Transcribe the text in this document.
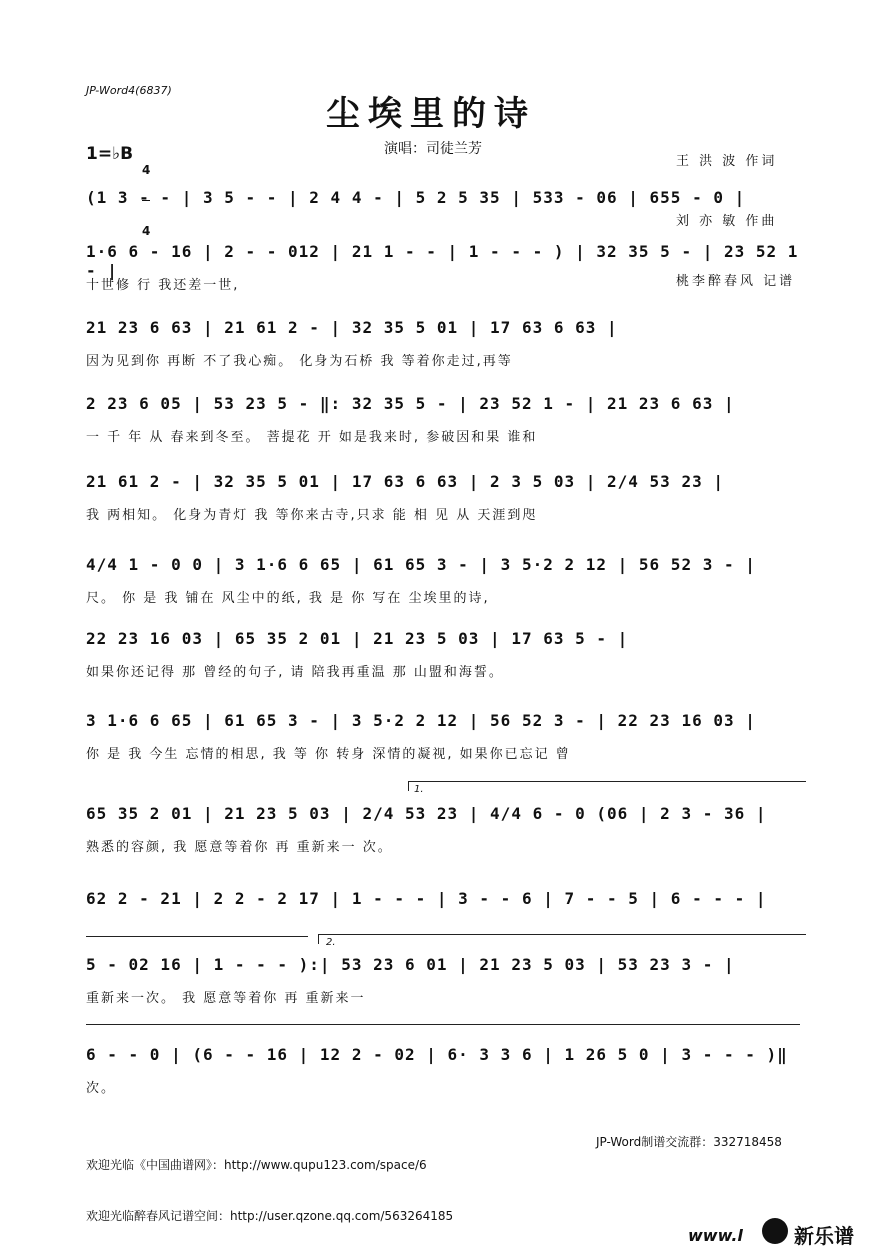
JP-Word4(6837)
尘埃里的诗
演唱：司徒兰芳
1=♭B

4

4

王 洪 波 作词

刘 亦 敏 作曲

桃李醉春风 记谱

(1 3 - - | 3 5 - - | 2 4 4 - | 5 2 5 35 | 533 - 06 | 655 - 0 |
1·6 6 - 16 | 2 - - 012 | 21 1 - - | 1 - - - ) | 32 35 5 - | 23 52 1 - |
十世修 行 我还差一世,
21 23 6 63 | 21 61 2 - | 32 35 5 01 | 17 63 6 63 |
因为见到你 再断 不了我心痴。 化身为石桥 我 等着你走过,再等
2 23 6 05 | 53 23 5 - ‖: 32 35 5 - | 23 52 1 - | 21 23 6 63 |
一 千 年 从 春来到冬至。 菩提花 开 如是我来时, 参破因和果 谁和
21 61 2 - | 32 35 5 01 | 17 63 6 63 | 2 3 5 03 | 2/4 53 23 |
我 两相知。 化身为青灯 我 等你来古寺,只求 能 相 见 从 天涯到咫
4/4 1 - 0 0 | 3 1·6 6 65 | 61 65 3 - | 3 5·2 2 12 | 56 52 3 - |
尺。 你 是 我 铺在 风尘中的纸, 我 是 你 写在 尘埃里的诗,
22 23 16 03 | 65 35 2 01 | 21 23 5 03 | 17 63 5 - |
如果你还记得 那 曾经的句子, 请 陪我再重温 那 山盟和海誓。
3 1·6 6 65 | 61 65 3 - | 3 5·2 2 12 | 56 52 3 - | 22 23 16 03 |
你 是 我 今生 忘情的相思, 我 等 你 转身 深情的凝视, 如果你已忘记 曾
1.
65 35 2 01 | 21 23 5 03 | 2/4 53 23 | 4/4 6 - 0 (06 | 2 3 - 36 |
熟悉的容颜, 我 愿意等着你 再 重新来一 次。
62 2 - 21 | 2 2 - 2 17 | 1 - - - | 3 - - 6 | 7 - - 5 | 6 - - - |
2.
5 - 02 16 | 1 - - - ):| 53 23 6 01 | 21 23 5 03 | 53 23 3 - |
重新来一次。 我 愿意等着你 再 重新来一
6 - - 0 | (6 - - 16 | 12 2 - 02 | 6· 3 3 6 | 1 26 5 0 | 3 - - - )‖
次。

欢迎光临《中国曲谱网》：http://www.qupu123.com/space/6

欢迎光临醉春风记谱空间：http://user.qzone.qq.com/563264185

JP-Word制谱交流群：332718458
www.l	新乐谱
